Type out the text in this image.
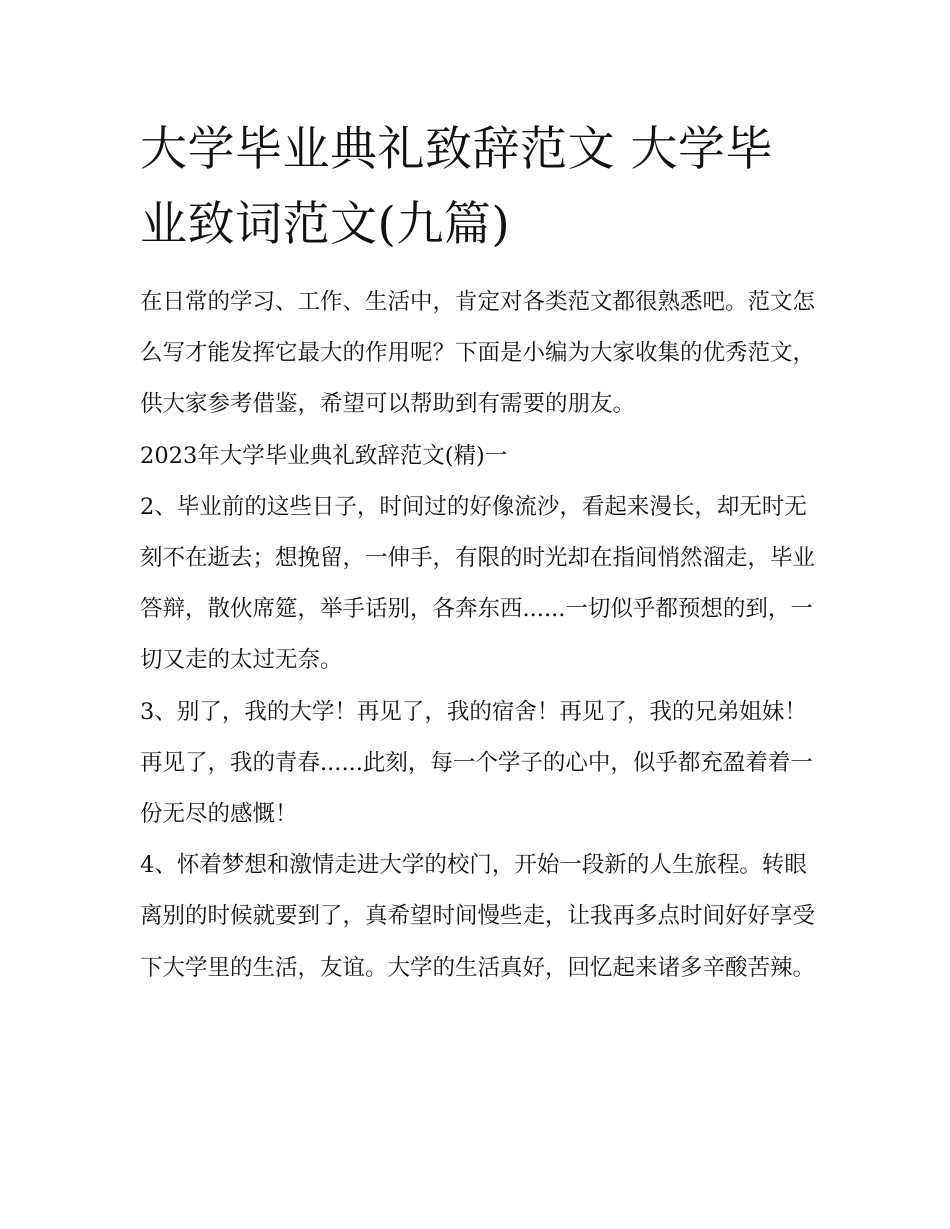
大学毕业典礼致辞范文 大学毕业致词范文(九篇)

在日常的学习、工作、生活中，肯定对各类范文都很熟悉吧。范文怎么写才能发挥它最大的作用呢？下面是小编为大家收集的优秀范文，供大家参考借鉴，希望可以帮助到有需要的朋友。

2023年大学毕业典礼致辞范文(精)一

2、毕业前的这些日子，时间过的好像流沙，看起来漫长，却无时无刻不在逝去；想挽留，一伸手，有限的时光却在指间悄然溜走，毕业答辩，散伙席筵，举手话别，各奔东西......一切似乎都预想的到，一切又走的太过无奈。

3、别了，我的大学！再见了，我的宿舍！再见了，我的兄弟姐妹！再见了，我的青春......此刻，每一个学子的心中，似乎都充盈着着一份无尽的感慨！

4、怀着梦想和激情走进大学的校门，开始一段新的人生旅程。转眼离别的时候就要到了，真希望时间慢些走，让我再多点时间好好享受下大学里的生活，友谊。大学的生活真好，回忆起来诸多辛酸苦辣。
